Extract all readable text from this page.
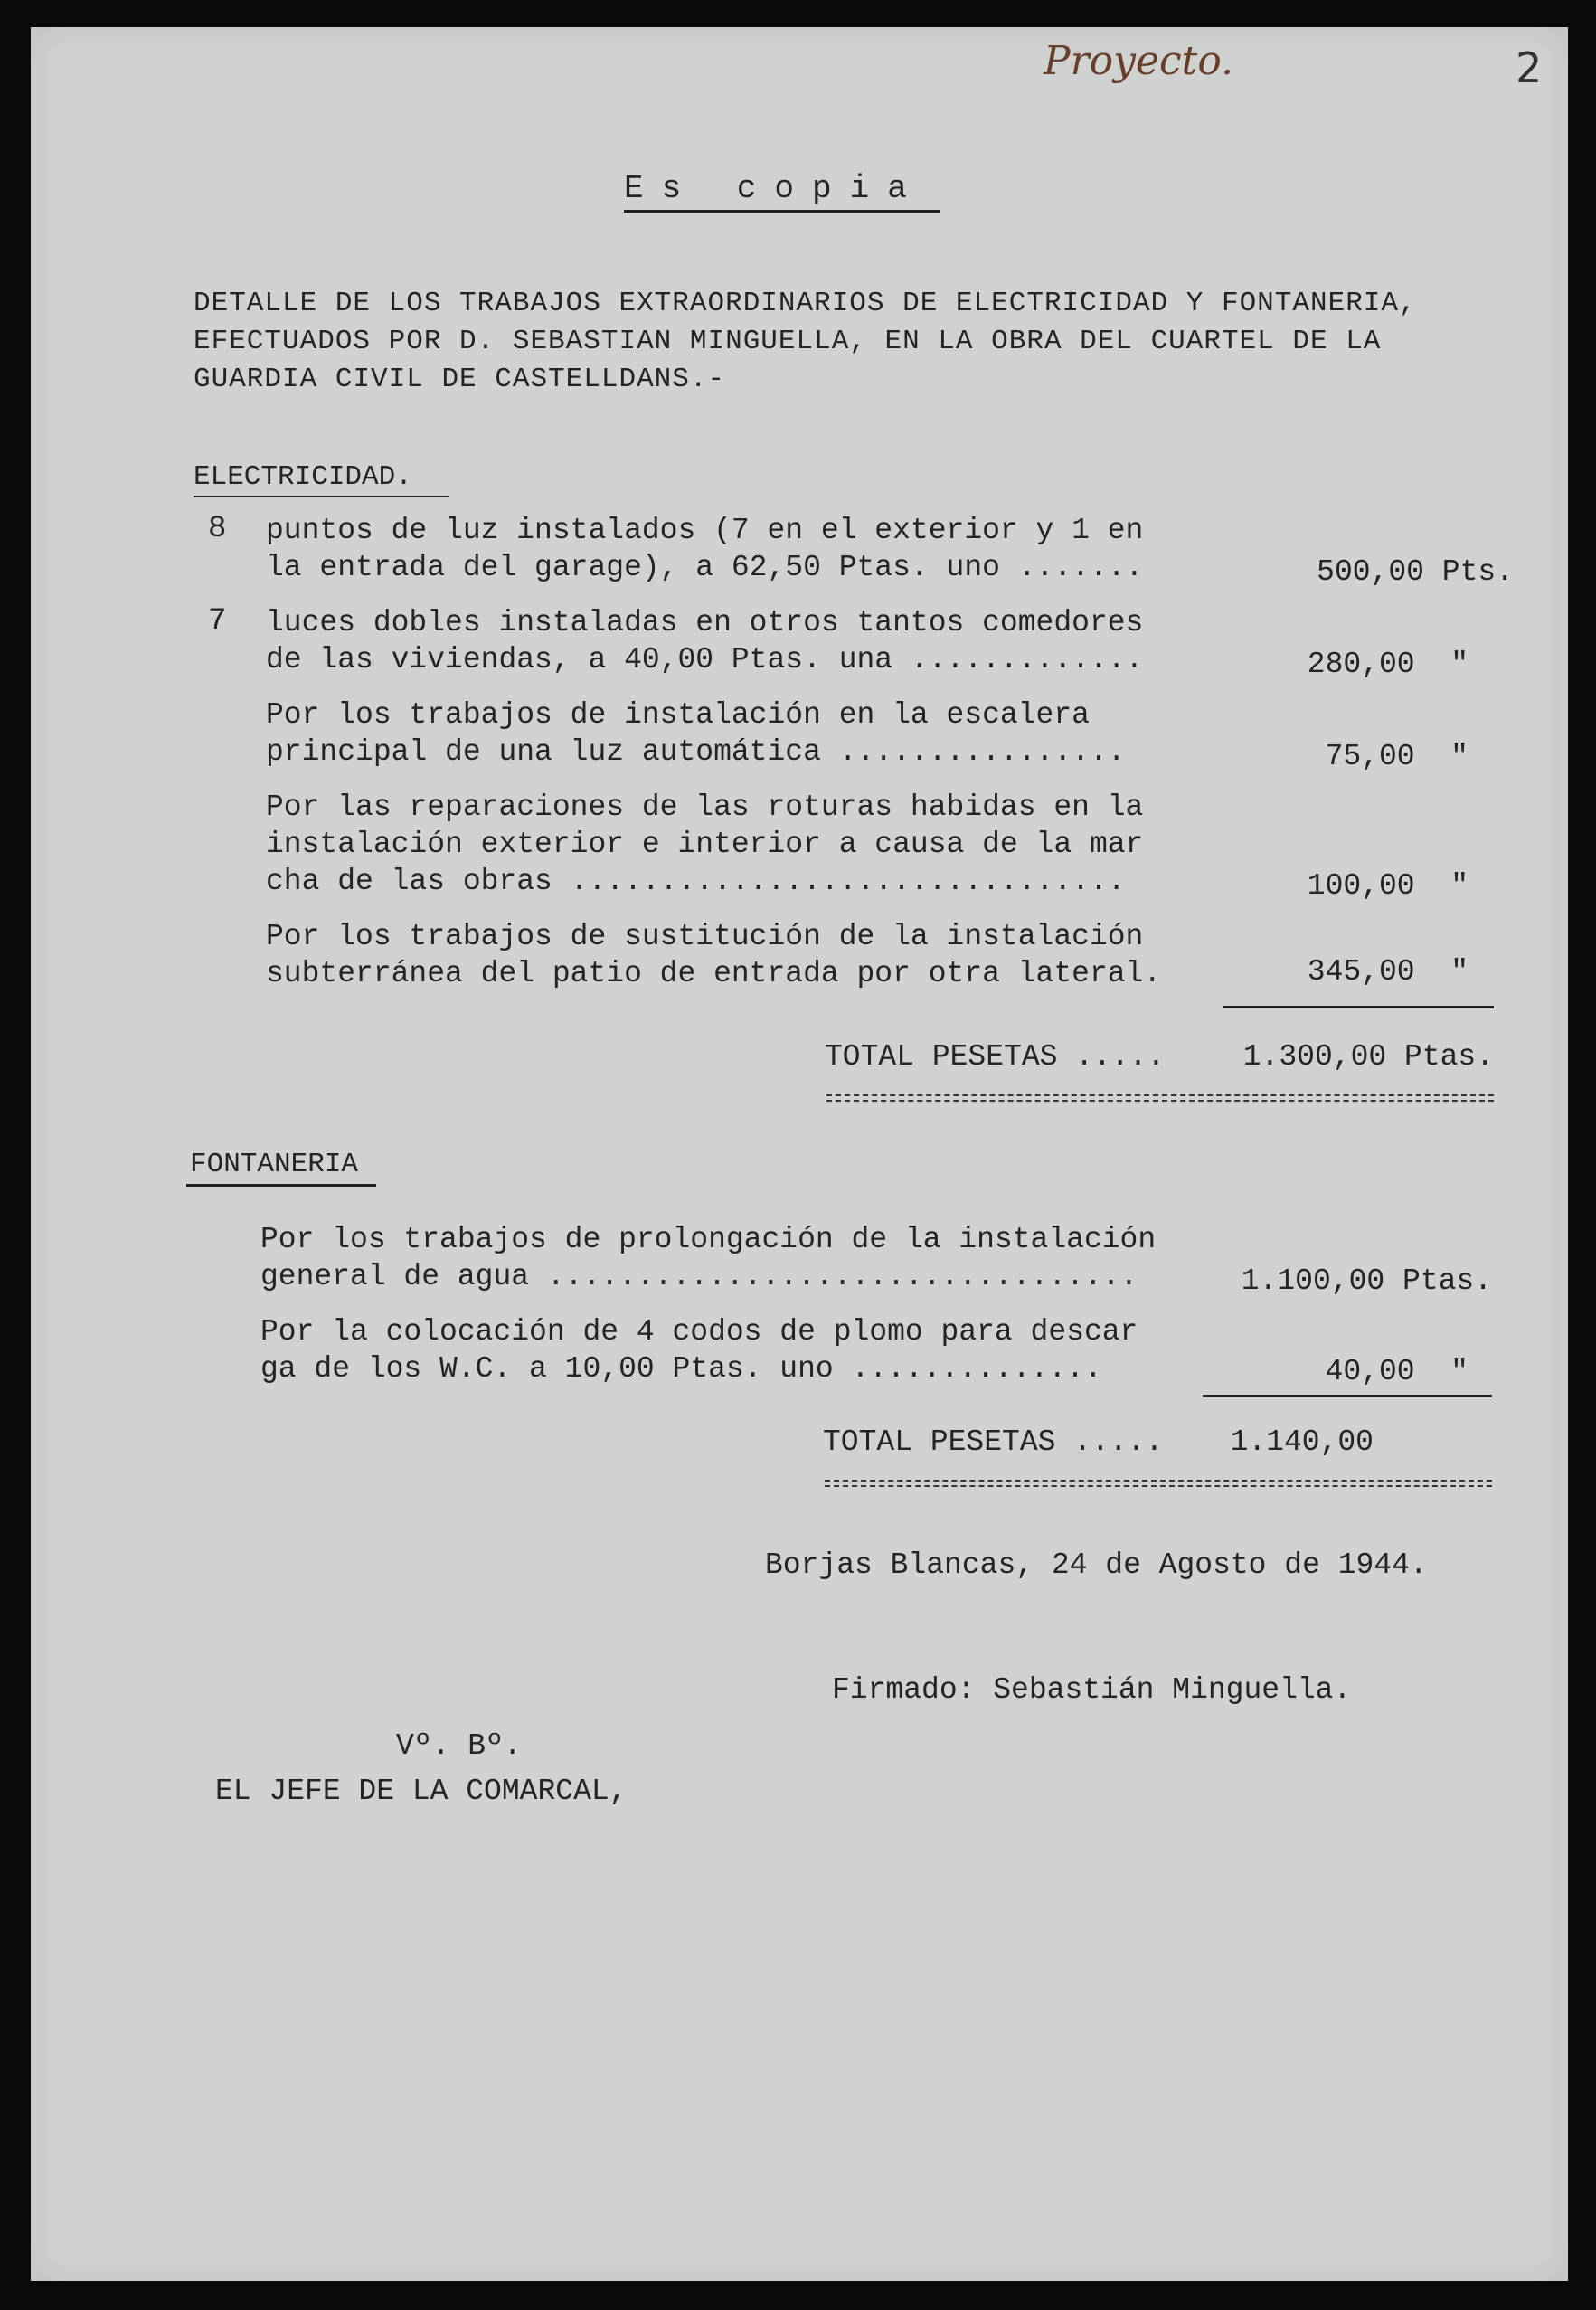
Proyecto.	2
Es copia
DETALLE DE LOS TRABAJOS EXTRAORDINARIOS DE ELECTRICIDAD Y FONTANERIA,
EFECTUADOS POR D. SEBASTIAN MINGUELLA, EN LA OBRA DEL CUARTEL DE LA
GUARDIA CIVIL DE CASTELLDANS.-
ELECTRICIDAD.
8 puntos de luz instalados (7 en el exterior y 1 en
la entrada del garage), a 62,50 Ptas. uno .......	500,00 Pts.
7 luces dobles instaladas en otros tantos comedores
de las viviendas, a 40,00 Ptas. una .............	280,00  "
Por los trabajos de instalación en la escalera
principal de una luz automática ................	75,00  "
Por las reparaciones de las roturas habidas en la
instalación exterior e interior a causa de la mar
cha de las obras ...............................	100,00  "
Por los trabajos de sustitución de la instalación
subterránea del patio de entrada por otra lateral.	345,00  "
TOTAL PESETAS .....	1.300,00 Ptas.
FONTANERIA
Por los trabajos de prolongación de la instalación
general de agua .................................	1.100,00 Ptas.
Por la colocación de 4 codos de plomo para descar
ga de los W.C. a 10,00 Ptas. uno ..............	40,00  "
TOTAL PESETAS .....	1.140,00
Borjas Blancas, 24 de Agosto de 1944.
Firmado: Sebastián Minguella.
Vº. Bº.
EL JEFE DE LA COMARCAL,
